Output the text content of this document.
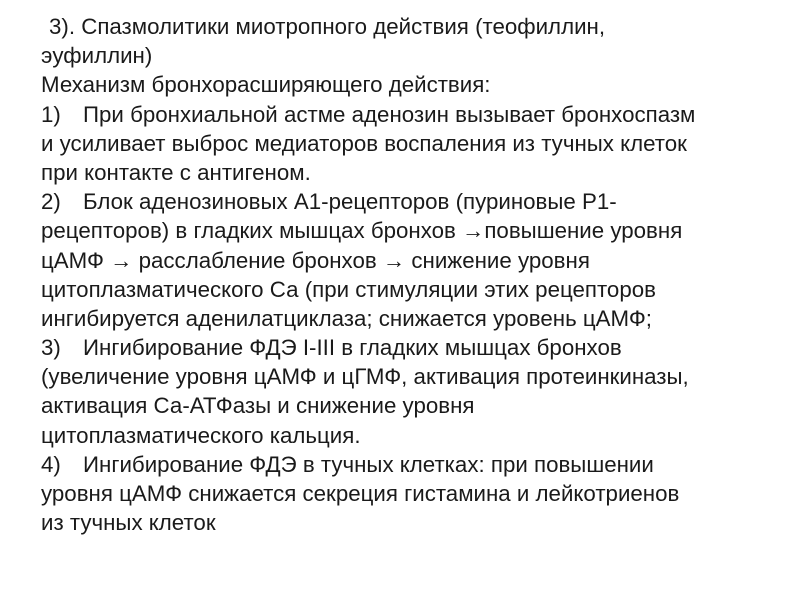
3). Спазмолитики миотропного действия (теофиллин,
эуфиллин)
Механизм бронхорасширяющего действия:
1) При бронхиальной астме аденозин вызывает бронхоспазм
и усиливает выброс медиаторов воспаления из тучных клеток
при контакте с антигеном.
2) Блок аденозиновых А1-рецепторов (пуриновые Р1-
рецепторов) в гладких мышцах бронхов →повышение уровня
цАМФ → расслабление бронхов → снижение уровня
цитоплазматического Са (при стимуляции этих рецепторов
ингибируется аденилатциклаза; снижается уровень цАМФ;
3) Ингибирование ФДЭ I-III в гладких мышцах бронхов
(увеличение уровня цАМФ и цГМФ, активация протеинкиназы,
активация Са-АТФазы и снижение уровня
цитоплазматического кальция.
4) Ингибирование ФДЭ в тучных клетках: при повышении
уровня цАМФ снижается секреция гистамина и лейкотриенов
из тучных клеток
